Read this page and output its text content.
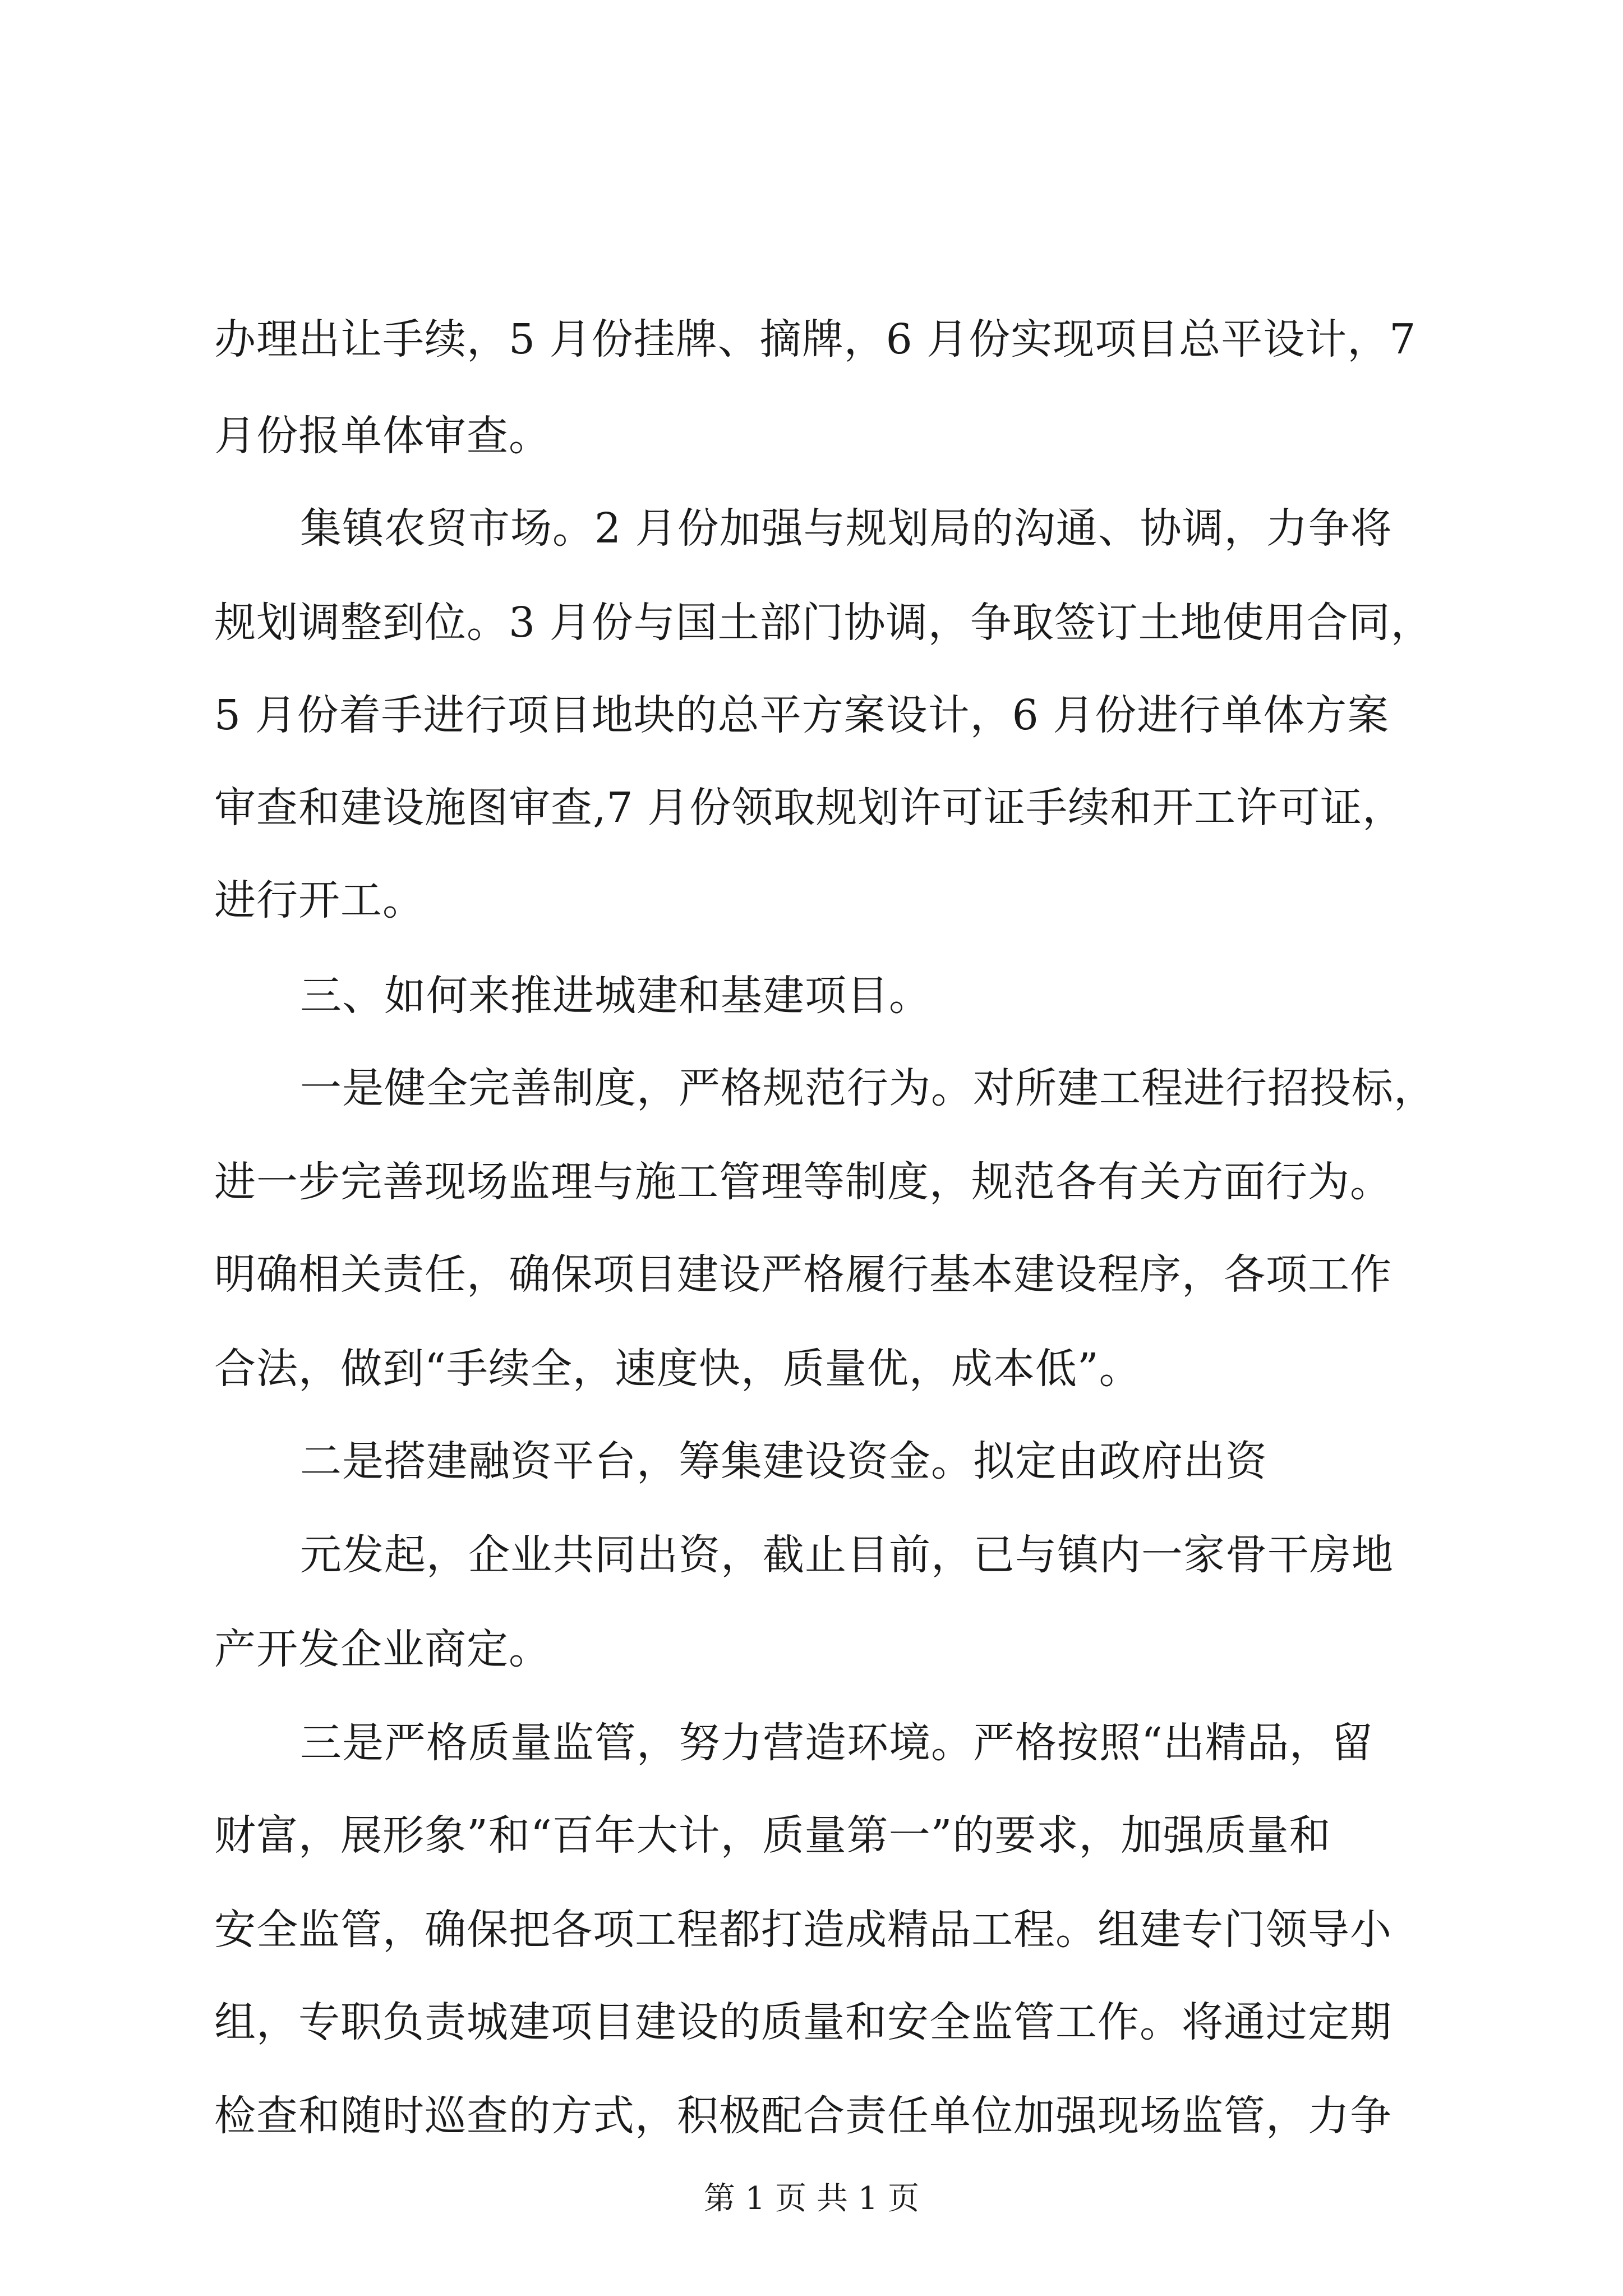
办理出让手续，5 月份挂牌、摘牌，6 月份实现项目总平设计，7
月份报单体审查。
集镇农贸市场。2 月份加强与规划局的沟通、协调，力争将
规划调整到位。3 月份与国土部门协调，争取签订土地使用合同，
5 月份着手进行项目地块的总平方案设计，6 月份进行单体方案
审查和建设施图审查,7 月份领取规划许可证手续和开工许可证，
进行开工。
三、如何来推进城建和基建项目。
一是健全完善制度，严格规范行为。对所建工程进行招投标，
进一步完善现场监理与施工管理等制度，规范各有关方面行为。
明确相关责任，确保项目建设严格履行基本建设程序，各项工作
合法，做到“手续全，速度快，质量优，成本低”。
二是搭建融资平台，筹集建设资金。拟定由政府出资
元发起，企业共同出资，截止目前，已与镇内一家骨干房地
产开发企业商定。
三是严格质量监管，努力营造环境。严格按照“出精品，留
财富，展形象”和“百年大计，质量第一”的要求，加强质量和
安全监管，确保把各项工程都打造成精品工程。组建专门领导小
组，专职负责城建项目建设的质量和安全监管工作。将通过定期
检查和随时巡查的方式，积极配合责任单位加强现场监管，力争
第 1 页 共 1 页
